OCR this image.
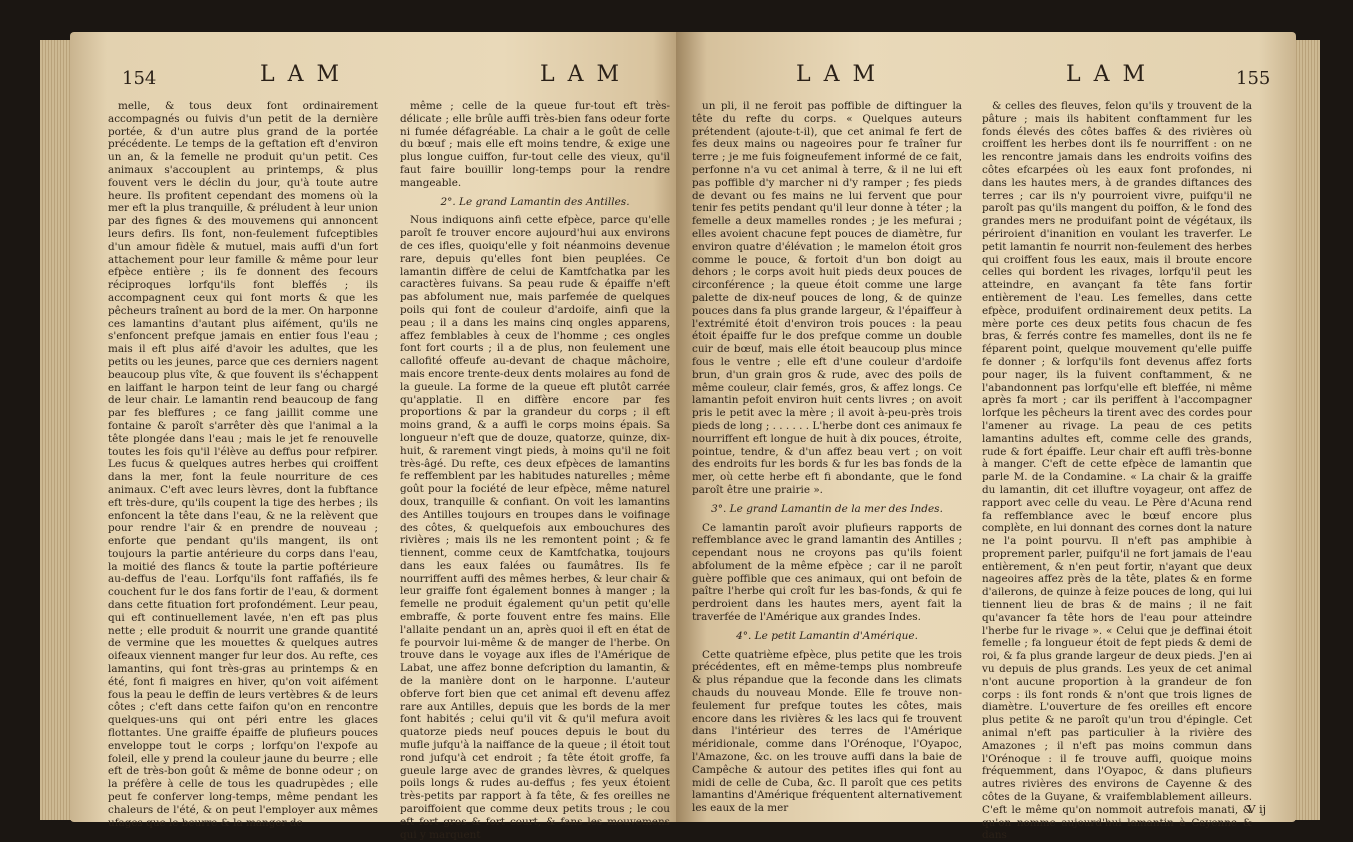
154	L A M	L A M

melle, & tous deux font ordinairement accompagnés ou fuivis d'un petit de la dernière portée, & d'un autre plus grand de la portée précédente. Le temps de la geftation eft d'environ un an, & la femelle ne produit qu'un petit. Ces animaux s'accouplent au printemps, & plus fouvent vers le déclin du jour, qu'à toute autre heure. Ils profitent cependant des momens où la mer eft la plus tranquille, & préludent à leur union par des fignes & des mouvemens qui annoncent leurs defirs. Ils font, non-feulement fufceptibles d'un amour fidèle & mutuel, mais auffi d'un fort attachement pour leur famille & même pour leur efpèce entière ; ils fe donnent des fecours réciproques lorfqu'ils font bleffés ; ils accompagnent ceux qui font morts & que les pêcheurs traînent au bord de la mer. On harponne ces lamantins d'autant plus aifément, qu'ils ne s'enfoncent prefque jamais en entier fous l'eau ; mais il eft plus aifé d'avoir les adultes, que les petits ou les jeunes, parce que ces derniers nagent beaucoup plus vîte, & que fouvent ils s'échappent en laiffant le harpon teint de leur fang ou chargé de leur chair. Le lamantin rend beaucoup de fang par fes bleffures ; ce fang jaillit comme une fontaine & paroît s'arrêter dès que l'animal a la tête plongée dans l'eau ; mais le jet fe renouvelle toutes les fois qu'il l'élève au deffus pour refpirer. Les fucus & quelques autres herbes qui croiffent dans la mer, font la feule nourriture de ces animaux. C'eft avec leurs lèvres, dont la fubftance eft très-dure, qu'ils coupent la tige des herbes ; ils enfoncent la tête dans l'eau, & ne la relèvent que pour rendre l'air & en prendre de nouveau ; enforte que pendant qu'ils mangent, ils ont toujours la partie antérieure du corps dans l'eau, la moitié des flancs & toute la partie poftérieure au-deffus de l'eau. Lorfqu'ils font raffafiés, ils fe couchent fur le dos fans fortir de l'eau, & dorment dans cette fituation fort profondément. Leur peau, qui eft continuellement lavée, n'en eft pas plus nette ; elle produit & nourrit une grande quantité de vermine que les mouettes & quelques autres oifeaux viennent manger fur leur dos. Au refte, ces lamantins, qui font très-gras au printemps & en été, font fi maigres en hiver, qu'on voit aifément fous la peau le deffin de leurs vertèbres & de leurs côtes ; c'eft dans cette faifon qu'on en rencontre quelques-uns qui ont péri entre les glaces flottantes. Une graiffe épaiffe de plufieurs pouces enveloppe tout le corps ; lorfqu'on l'expofe au foleil, elle y prend la couleur jaune du beurre ; elle eft de très-bon goût & même de bonne odeur ; on la préfère à celle de tous les quadrupèdes ; elle peut fe conferver long-temps, même pendant les chaleurs de l'été, & on peut l'employer aux mêmes ufages que le beurre & la manger de

même ; celle de la queue fur-tout eft très-délicate ; elle brûle auffi très-bien fans odeur forte ni fumée défagréable. La chair a le goût de celle du bœuf ; mais elle eft moins tendre, & exige une plus longue cuiffon, fur-tout celle des vieux, qu'il faut faire bouillir long-temps pour la rendre mangeable.

2°. Le grand Lamantin des Antilles.

Nous indiquons ainfi cette efpèce, parce qu'elle paroît fe trouver encore aujourd'hui aux environs de ces ifles, quoiqu'elle y foit néanmoins devenue rare, depuis qu'elles font bien peuplées. Ce lamantin diffère de celui de Kamtfchatka par les caractères fuivans. Sa peau rude & épaiffe n'eft pas abfolument nue, mais parfemée de quelques poils qui font de couleur d'ardoife, ainfi que la peau ; il a dans les mains cinq ongles apparens, affez femblables à ceux de l'homme ; ces ongles font fort courts ; il a de plus, non feulement une callofité offeufe au-devant de chaque mâchoire, mais encore trente-deux dents molaires au fond de la gueule. La forme de la queue eft plutôt carrée qu'applatie. Il en diffère encore par fes proportions & par la grandeur du corps ; il eft moins grand, & a auffi le corps moins épais. Sa longueur n'eft que de douze, quatorze, quinze, dix-huit, & rarement vingt pieds, à moins qu'il ne foit très-âgé. Du refte, ces deux efpèces de lamantins fe reffemblent par les habitudes naturelles ; même goût pour la fociété de leur efpèce, même naturel doux, tranquille & confiant. On voit les lamantins des Antilles toujours en troupes dans le voifinage des côtes, & quelquefois aux embouchures des rivières ; mais ils ne les remontent point ; & fe tiennent, comme ceux de Kamtfchatka, toujours dans les eaux falées ou faumâtres. Ils fe nourriffent auffi des mêmes herbes, & leur chair & leur graiffe font également bonnes à manger ; la femelle ne produit également qu'un petit qu'elle embraffe, & porte fouvent entre fes mains. Elle l'allaite pendant un an, après quoi il eft en état de fe pourvoir lui-même & de manger de l'herbe. On trouve dans le voyage aux ifles de l'Amérique de Labat, une affez bonne defcription du lamantin, & de la manière dont on le harponne. L'auteur obferve fort bien que cet animal eft devenu affez rare aux Antilles, depuis que les bords de la mer font habités ; celui qu'il vit & qu'il mefura avoit quatorze pieds neuf pouces depuis le bout du mufle jufqu'à la naiffance de la queue ; il étoit tout rond jufqu'à cet endroit ; fa tête étoit groffe, fa gueule large avec de grandes lèvres, & quelques poils longs & rudes au-deffus ; fes yeux étoient très-petits par rapport à fa tête, & fes oreilles ne paroiffoient que comme deux petits trous ; le cou eft fort gros & fort court, & fans les mouvemens qui y marquent

L A M	L A M	155

un pli, il ne feroit pas poffible de diftinguer la tête du refte du corps. « Quelques auteurs prétendent (ajoute-t-il), que cet animal fe fert de fes deux mains ou nageoires pour fe traîner fur terre ; je me fuis foigneufement informé de ce fait, perfonne n'a vu cet animal à terre, & il ne lui eft pas poffible d'y marcher ni d'y ramper ; fes pieds de devant ou fes mains ne lui fervent que pour tenir fes petits pendant qu'il leur donne à téter ; la femelle a deux mamelles rondes ; je les mefurai ; elles avoient chacune fept pouces de diamètre, fur environ quatre d'élévation ; le mamelon étoit gros comme le pouce, & fortoit d'un bon doigt au dehors ; le corps avoit huit pieds deux pouces de circonférence ; la queue étoit comme une large palette de dix-neuf pouces de long, & de quinze pouces dans fa plus grande largeur, & l'épaiffeur à l'extrémité étoit d'environ trois pouces : la peau étoit épaiffe fur le dos prefque comme un double cuir de bœuf, mais elle étoit beaucoup plus mince fous le ventre ; elle eft d'une couleur d'ardoife brun, d'un grain gros & rude, avec des poils de même couleur, clair femés, gros, & affez longs. Ce lamantin pefoit environ huit cents livres ; on avoit pris le petit avec la mère ; il avoit à-peu-près trois pieds de long ; . . . . . . L'herbe dont ces animaux fe nourriffent eft longue de huit à dix pouces, étroite, pointue, tendre, & d'un affez beau vert ; on voit des endroits fur les bords & fur les bas fonds de la mer, où cette herbe eft fi abondante, que le fond paroît être une prairie ».

3°. Le grand Lamantin de la mer des Indes.

Ce lamantin paroît avoir plufieurs rapports de reffemblance avec le grand lamantin des Antilles ; cependant nous ne croyons pas qu'ils foient abfolument de la même efpèce ; car il ne paroît guère poffible que ces animaux, qui ont befoin de paître l'herbe qui croît fur les bas-fonds, & qui fe perdroient dans les hautes mers, ayent fait la traverfée de l'Amérique aux grandes Indes.

4°. Le petit Lamantin d'Amérique.

Cette quatrième efpèce, plus petite que les trois précédentes, eft en même-temps plus nombreufe & plus répandue que la feconde dans les climats chauds du nouveau Monde. Elle fe trouve non-feulement fur prefque toutes les côtes, mais encore dans les rivières & les lacs qui fe trouvent dans l'intérieur des terres de l'Amérique méridionale, comme dans l'Orénoque, l'Oyapoc, l'Amazone, &c. on les trouve auffi dans la baie de Campêche & autour des petites ifles qui font au midi de celle de Cuba, &c. Il paroît que ces petits lamantins d'Amérique fréquentent alternativement les eaux de la mer

& celles des fleuves, felon qu'ils y trouvent de la pâture ; mais ils habitent conftamment fur les fonds élevés des côtes baffes & des rivières où croiffent les herbes dont ils fe nourriffent : on ne les rencontre jamais dans les endroits voifins des côtes efcarpées où les eaux font profondes, ni dans les hautes mers, à de grandes diftances des terres ; car ils n'y pourroient vivre, puifqu'il ne paroît pas qu'ils mangent du poiffon, & le fond des grandes mers ne produifant point de végétaux, ils périroient d'inanition en voulant les traverfer. Le petit lamantin fe nourrit non-feulement des herbes qui croiffent fous les eaux, mais il broute encore celles qui bordent les rivages, lorfqu'il peut les atteindre, en avançant fa tête fans fortir entièrement de l'eau. Les femelles, dans cette efpèce, produifent ordinairement deux petits. La mère porte ces deux petits fous chacun de fes bras, & ferrés contre fes mamelles, dont ils ne fe féparent point, quelque mouvement qu'elle puiffe fe donner ; & lorfqu'ils font devenus affez forts pour nager, ils la fuivent conftamment, & ne l'abandonnent pas lorfqu'elle eft bleffée, ni même après fa mort ; car ils periffent à l'accompagner lorfque les pêcheurs la tirent avec des cordes pour l'amener au rivage. La peau de ces petits lamantins adultes eft, comme celle des grands, rude & fort épaiffe. Leur chair eft auffi très-bonne à manger. C'eft de cette efpèce de lamantin que parle M. de la Condamine. « La chair & la graiffe du lamantin, dit cet illuftre voyageur, ont affez de rapport avec celle du veau. Le Père d'Acuna rend fa reffemblance avec le bœuf encore plus complète, en lui donnant des cornes dont la nature ne l'a point pourvu. Il n'eft pas amphibie à proprement parler, puifqu'il ne fort jamais de l'eau entièrement, & n'en peut fortir, n'ayant que deux nageoires affez près de la tête, plates & en forme d'ailerons, de quinze à feize pouces de long, qui lui tiennent lieu de bras & de mains ; il ne fait qu'avancer fa tête hors de l'eau pour atteindre l'herbe fur le rivage ». « Celui que je deffinai étoit femelle ; fa longueur étoit de fept pieds & demi de roi, & fa plus grande largeur de deux pieds. J'en ai vu depuis de plus grands. Les yeux de cet animal n'ont aucune proportion à la grandeur de fon corps : ils font ronds & n'ont que trois lignes de diamètre. L'ouverture de fes oreilles eft encore plus petite & ne paroît qu'un trou d'épingle. Cet animal n'eft pas particulier à la rivière des Amazones ; il n'eft pas moins commun dans l'Orénoque : il fe trouve auffi, quoique moins fréquemment, dans l'Oyapoc, & dans plufieurs autres rivières des environs de Cayenne & des côtes de la Guyane, & vraifemblablement ailleurs. C'eft le même qu'on nommoit autrefois manati, & qu'on nomme aujourd'hui lamantin à Cayenne & dans

V ij
